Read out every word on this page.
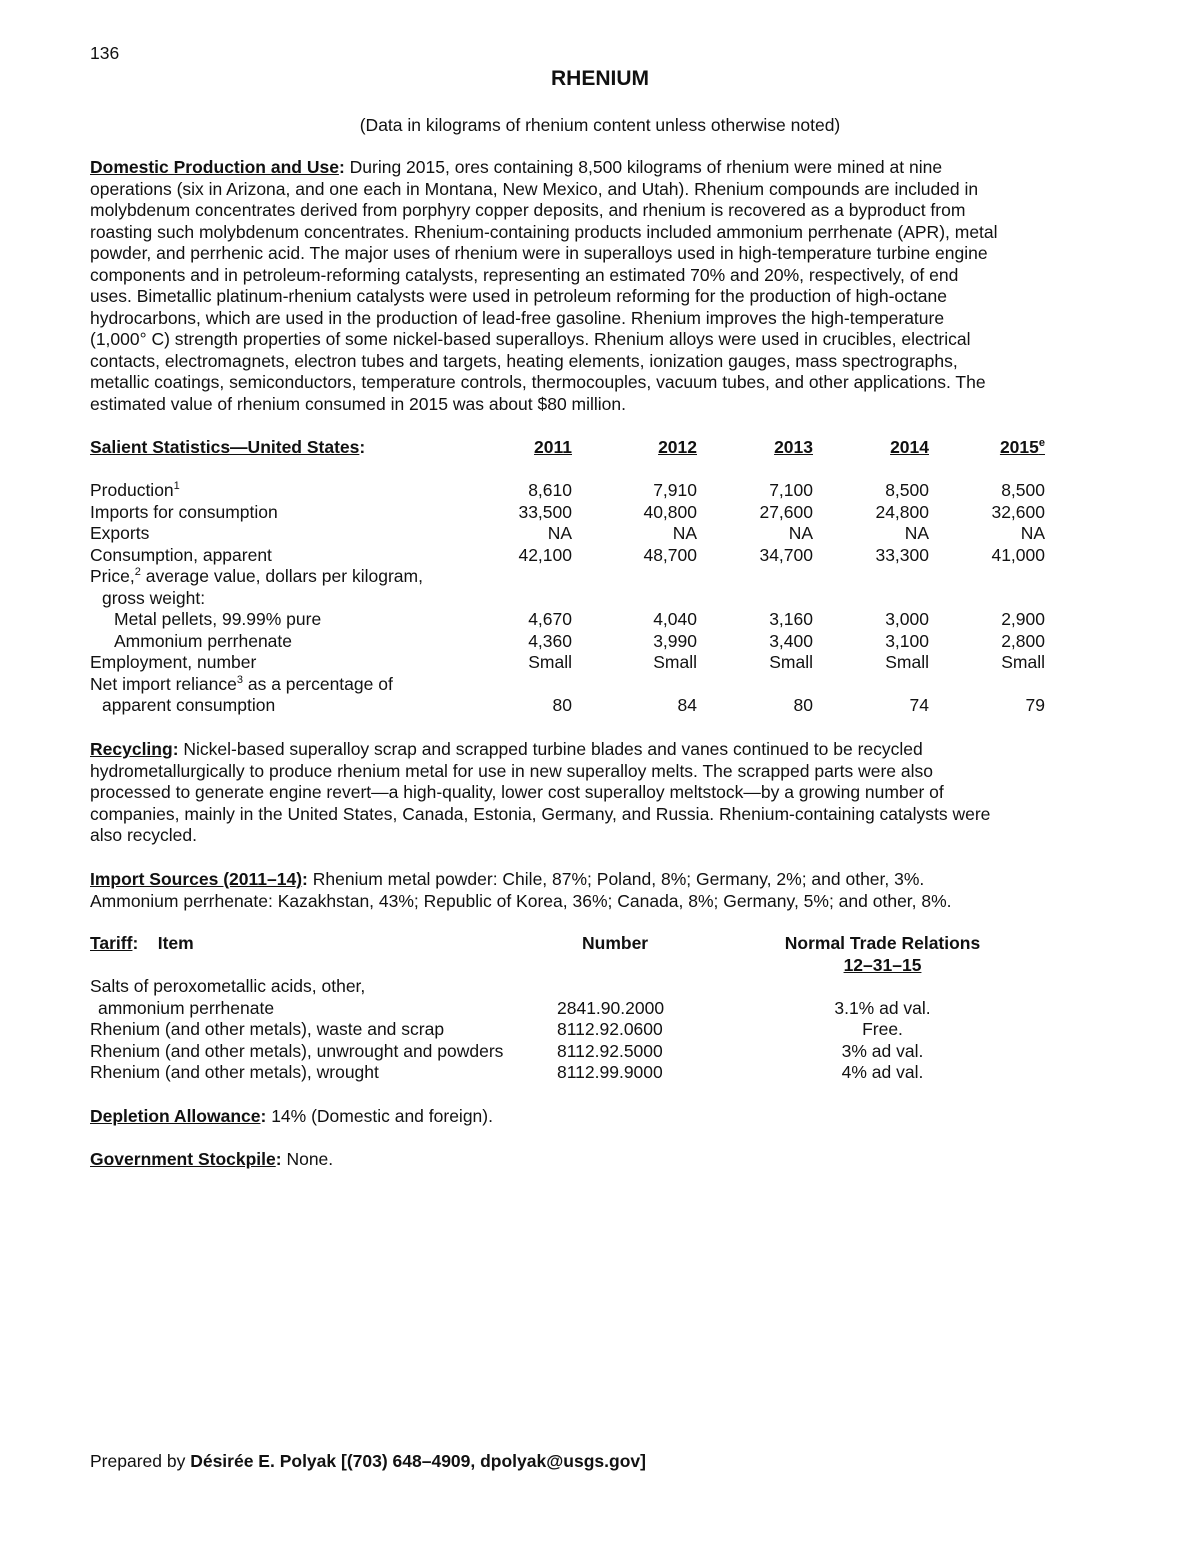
136
RHENIUM
(Data in kilograms of rhenium content unless otherwise noted)
Domestic Production and Use: During 2015, ores containing 8,500 kilograms of rhenium were mined at nine
operations (six in Arizona, and one each in Montana, New Mexico, and Utah). Rhenium compounds are included in
molybdenum concentrates derived from porphyry copper deposits, and rhenium is recovered as a byproduct from
roasting such molybdenum concentrates. Rhenium-containing products included ammonium perrhenate (APR), metal
powder, and perrhenic acid. The major uses of rhenium were in superalloys used in high-temperature turbine engine
components and in petroleum-reforming catalysts, representing an estimated 70% and 20%, respectively, of end
uses. Bimetallic platinum-rhenium catalysts were used in petroleum reforming for the production of high-octane
hydrocarbons, which are used in the production of lead-free gasoline. Rhenium improves the high-temperature
(1,000° C) strength properties of some nickel-based superalloys. Rhenium alloys were used in crucibles, electrical
contacts, electromagnets, electron tubes and targets, heating elements, ionization gauges, mass spectrographs,
metallic coatings, semiconductors, temperature controls, thermocouples, vacuum tubes, and other applications. The
estimated value of rhenium consumed in 2015 was about $80 million.
Salient Statistics—United States:	2011	2012	2013	2014	2015e
Production$^1$	8,610	7,910	7,100	8,500	8,500
Imports for consumption	33,500	40,800	27,600	24,800	32,600
Exports	NA	NA	NA	NA	NA
Consumption, apparent	42,100	48,700	34,700	33,300	41,000
Price,$^2$ average value, dollars per kilogram,
gross weight:
Metal pellets, 99.99% pure	4,670	4,040	3,160	3,000	2,900
Ammonium perrhenate	4,360	3,990	3,400	3,100	2,800
Employment, number	Small	Small	Small	Small	Small
Net import reliance$^3$ as a percentage of
apparent consumption	80	84	80	74	79
Recycling: Nickel-based superalloy scrap and scrapped turbine blades and vanes continued to be recycled
hydrometallurgically to produce rhenium metal for use in new superalloy melts. The scrapped parts were also
processed to generate engine revert—a high-quality, lower cost superalloy meltstock—by a growing number of
companies, mainly in the United States, Canada, Estonia, Germany, and Russia. Rhenium-containing catalysts were
also recycled.
Import Sources (2011–14): Rhenium metal powder: Chile, 87%; Poland, 8%; Germany, 2%; and other, 3%.
Ammonium perrhenate: Kazakhstan, 43%; Republic of Korea, 36%; Canada, 8%; Germany, 5%; and other, 8%.
Tariff: Item	Number	Normal Trade Relations
12–31–15
Salts of peroxometallic acids, other,
ammonium perrhenate	2841.90.2000	3.1% ad val.
Rhenium (and other metals), waste and scrap	8112.92.0600	Free.
Rhenium (and other metals), unwrought and powders	8112.92.5000	3% ad val.
Rhenium (and other metals), wrought	8112.99.9000	4% ad val.
Depletion Allowance: 14% (Domestic and foreign).
Government Stockpile: None.
Prepared by Désirée E. Polyak [(703) 648–4909, dpolyak@usgs.gov]
